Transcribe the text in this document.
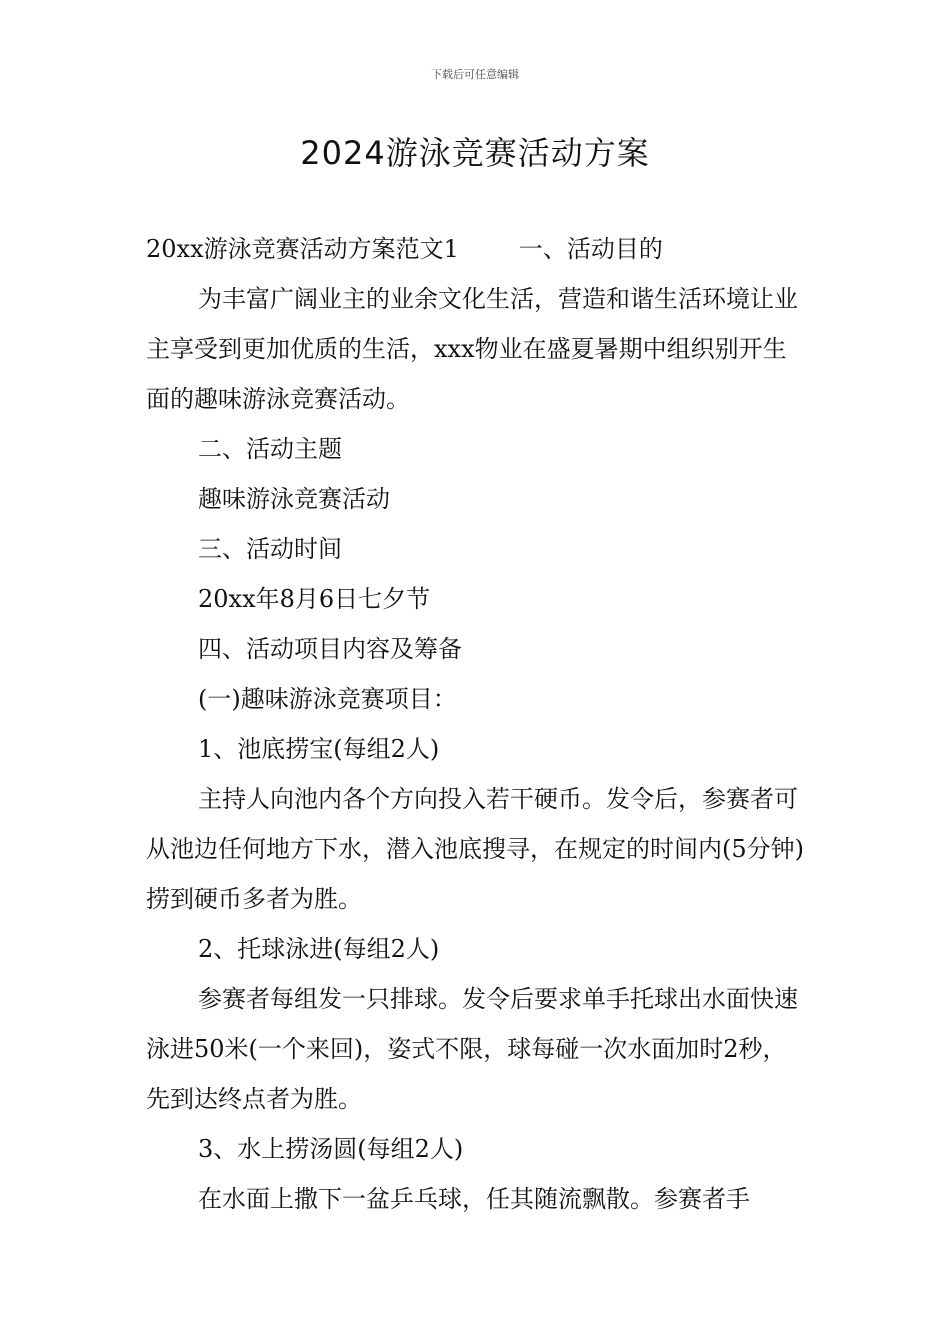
下载后可任意编辑
2024游泳竞赛活动方案

20xx游泳竞赛活动方案范文1	一、活动目的

为丰富广阔业主的业余文化生活，营造和谐生活环境让业主享受到更加优质的生活，xxx物业在盛夏暑期中组织别开生面的趣味游泳竞赛活动。

二、活动主题

趣味游泳竞赛活动

三、活动时间

20xx年8月6日七夕节

四、活动项目内容及筹备

(一)趣味游泳竞赛项目：

1、池底捞宝(每组2人)

主持人向池内各个方向投入若干硬币。发令后，参赛者可从池边任何地方下水，潜入池底搜寻，在规定的时间内(5分钟)捞到硬币多者为胜。

2、托球泳进(每组2人)

参赛者每组发一只排球。发令后要求单手托球出水面快速泳进50米(一个来回)，姿式不限，球每碰一次水面加时2秒，先到达终点者为胜。

3、水上捞汤圆(每组2人)

在水面上撒下一盆乒乓球，任其随流飘散。参赛者手
